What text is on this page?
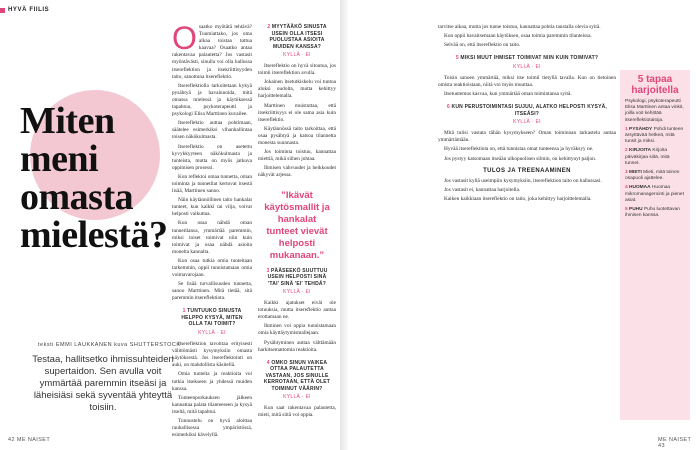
HYVÄ FIILIS
Miten
meni
omasta
mielestä?
teksti EMMI LAUKKANEN kuva SHUTTERSTOCK
Testaa, hallitsetko ihmissuhteiden supertaidon. Sen avulla voit ymmärtää paremmin itseäsi ja läheisiäsi sekä syventää yhteyttä toisiin.
O saatko myötätä tehtävä? Tuumiattako, jos oma alkaa toistaa tuttua kaavaa? Osaatko antaa rakentavaa palautetta? Jos vastasit myöntävästi, sinulla voi olla hallussa itsereflektion ja itsekriittisyyden taito, sanottuna itsereflektio.

Itsereflektiolla tarkoitetaan kykyä pysähtyä ja havainnoida, mitä omassa mielessä ja käytöksessä tapahtuu, psykoterapeutti ja psykologi Elisa Marttinen kuvailee.

Itsereflektio auttaa pohtimaan, säätelee esimerkiksi vihanhallintaa toisen näkökulmasta.

Itsereflektio on asetettu kyvykkyyteen näkökulmasta ja tunteista, mutta on myös jatkuva oppimisen prosessi.

Kun reflektoi omaa tunnetta, oman toiminta ja tunnetilat kertovat itsestä lisää, Marttinen sanoo.

Näin käytännöllinen taito hankalat tunteet, kun kaikki tai vilja, voivat helposti vaikuttaa.

Kun osaa nähdä oman tunnetilansa, ymmärtää paremmin, miksi toiset toimivat niin kuin toimivat ja osaa nähdä asioita monelta kannalta.

Kun osaa tutkia omia tunteitaan tarkemmin, oppii tunnistamaan omia voimavarojaan.

Se lisää turvallisuuden tunnetta, sanoo Marttinen. Mitä tietää, sitä paremmin itsereflektiota.

1 TUNTUUKO SINUSTA HELPPO KYSYÄ, MITEN OLLA TAI TOIMIT?
KYLLÄ · EI

Itsereflektion tavoittaa erityisesti välittömästi kysymyksiin omasta käytöksestä. Jos itsereflektointi on auki, on mahdollista käsitellä.

Omia tunteita ja reaktioita voi tutkia itsekseen ja yhdessä muiden kanssa.

Tunteenpurkauksen jälkeen kannattaa palata tilanteeseen ja kysyä itseltä, mitä tapahtui.

Tunnustelu on hyvä aloittaa rauhallisessa ympäristössä, esimerkiksi kävelyllä.

2 MYYTÄÄKÖ SINUSTA USEIN OLLA ITSESI PUOLUSTAA ASIOITA MUIDEN KANSSA?
KYLLÄ · EI

Itsereflektio on hyvä sitoutua, jos toimii itsereflektion avulla.

Jokainen itsetutkiskelu voi tuntua aluksi oudolta, mutta kehittyy harjoittelemalla.

Marttinen muistuttaa, että itsekriittisyys ei ole sama asia kuin itsereflektio.

Käytännössä taito tarkoittaa, että osaa pysähtyä ja katsoa tilannetta monesta suunnasta.

Jos toiminta toistuu, kannattaa miettiä, mikä siihen johtaa.

Ihmisen vahvuudet ja heikkoudet näkyvät arjessa.

”Ikävät käytösmallit ja hankalat tunteet vievät helposti mukanaan.”
3 PÄÄSEEKÖ SUUTTUU USEIN HELPOSTI SINÄ 'TAI' SINÄ 'EI' TEHDÄ?
KYLLÄ · EI

Kaikki ajatukset eivät ole totuuksia, mutta itsereflektio auttaa erottamaan ne.

Ihminen voi oppia tunnistamaan omia käyttäytymismallejaan.

Pysähtyminen auttaa välttämään harkitsemattomia reaktioita.

4 OMKO SINUN VAIKEA OTTAA PALAUTETTA VASTAAN, JOS SINULLE KERROTAAN, ETTÄ OLET TOIMINUT VÄÄRIN?
KYLLÄ · EI

Kun saat rakentavaa palautetta, mieti, mitä siitä voi oppia.

42 ME NAISET

tarvitse aikaa, mutta jos tunne toistuu, kannattaa pohtia taustalla olevia syitä.

Kun oppii havaitsemaan käytöksen, osaa toimia paremmin tilanteissa.

Selvää on, että itsereflektio on taito.

5 MIKSI MUUT IHMISET TOIMIVAT NIIN KUIN TOIMIVAT?
KYLLÄ · EI

Toisin sanoen ymmärtää, miksi itse toimii tietyllä tavalla. Kun on tietoinen omista reaktioistaan, niitä voi myös muuttaa.

Itsetuntemus kasvaa, kun ymmärtää oman toimintansa syitä.

6 KUN PERUSTOIMINTASI SUJUU, ALATKO HELPOSTI KYSYÄ, ITSEÄSI?
KYLLÄ · EI

Mitä tulisi vastata tähän kysymykseen? Oman toiminnan tarkastelu auttaa ymmärtämään.

Hyvää itsereflektiota on, että tunnistaa omat tunteensa ja hyväksyy ne.

Jos pystyy katsomaan itseään ulkopuolisen silmin, on kehittynyt paljon.

TULOS JA TREENAAMINEN

Jos vastasit kyllä useimpiin kysymyksiin, itsereflektion taito on hallussasi.

Jos vastasit ei, kannattaa harjoitella.

Kaiken kaikkiaan itsereflektio on taito, joka kehittyy harjoittelemalla.

ME NAISET 43
5 tapaa harjoitella
Psykologi, psykoterapeutti Elisa Marttinen antaa vinkit, joilla voit kehittää itsereflektiotaitoja.
1 PYSÄHDY Pohdi tunteen ärsyttävää hetkeä, mitä tunsit ja miksi.
2 KIRJOITA Kirjoita päiväkirjaa siitä, mitä tunnet.
3 MIETI Mieti, mitä toinen osapuoli ajattelee.
4 HUOMAA Huomaa mikromanagerointi ja pienet asiat.
5 PUHU Puhu luotettavan ihmisen kanssa.
